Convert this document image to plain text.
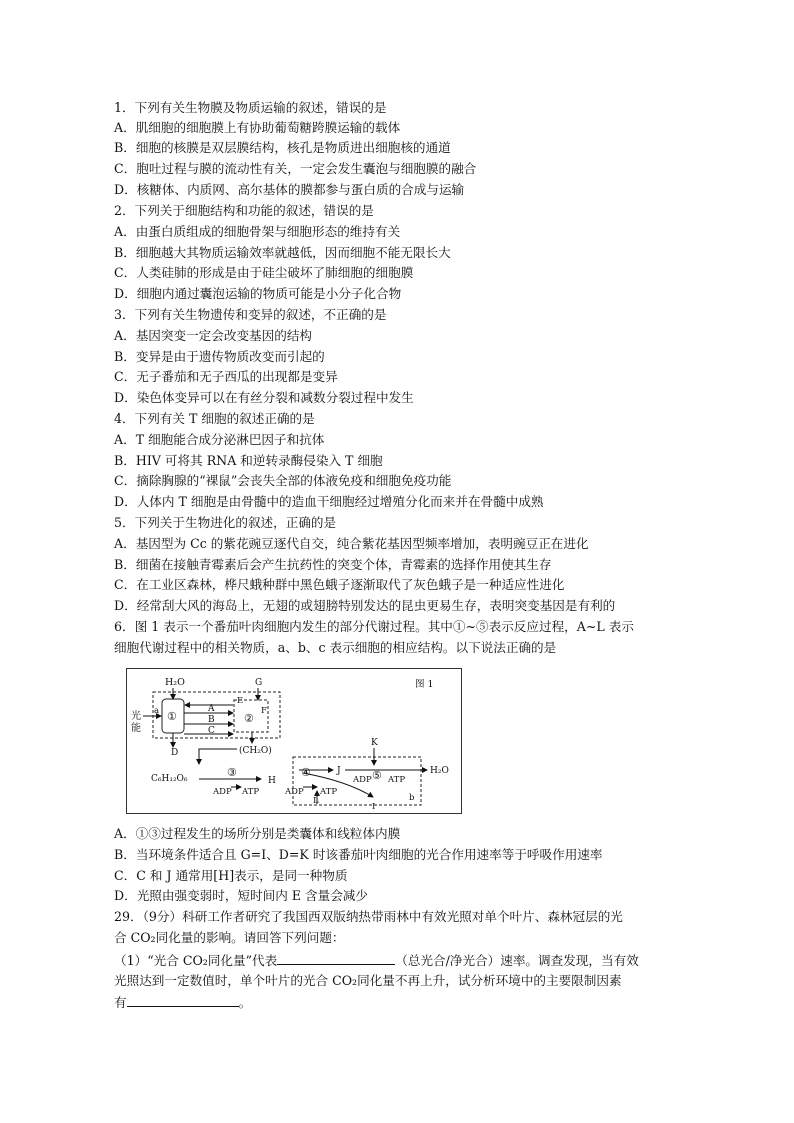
1．下列有关生物膜及物质运输的叙述，错误的是
A．肌细胞的细胞膜上有协助葡萄糖跨膜运输的载体
B．细胞的核膜是双层膜结构，核孔是物质进出细胞核的通道
C．胞吐过程与膜的流动性有关，一定会发生囊泡与细胞膜的融合
D．核糖体、内质网、高尔基体的膜都参与蛋白质的合成与运输
2．下列关于细胞结构和功能的叙述，错误的是
A．由蛋白质组成的细胞骨架与细胞形态的维持有关
B．细胞越大其物质运输效率就越低，因而细胞不能无限长大
C．人类硅肺的形成是由于硅尘破坏了肺细胞的细胞膜
D．细胞内通过囊泡运输的物质可能是小分子化合物
3．下列有关生物遗传和变异的叙述，不正确的是
A．基因突变一定会改变基因的结构
B．变异是由于遗传物质改变而引起的
C．无子番茄和无子西瓜的出现都是变异
D．染色体变异可以在有丝分裂和减数分裂过程中发生
4．下列有关 T 细胞的叙述正确的是
A．T 细胞能合成分泌淋巴因子和抗体
B．HIV 可将其 RNA 和逆转录酶侵染入 T 细胞
C．摘除胸腺的“裸鼠”会丧失全部的体液免疫和细胞免疫功能
D．人体内 T 细胞是由骨髓中的造血干细胞经过增殖分化而来并在骨髓中成熟
5．下列关于生物进化的叙述，正确的是
A．基因型为 Cc 的紫花豌豆逐代自交，纯合紫花基因型频率增加，表明豌豆正在进化
B．细菌在接触青霉素后会产生抗药性的突变个体，青霉素的选择作用使其生存
C．在工业区森林，桦尺蛾种群中黑色蛾子逐渐取代了灰色蛾子是一种适应性进化
D．经常刮大风的海岛上，无翅的或翅膀特别发达的昆虫更易生存，表明突变基因是有利的
6．图 1 表示一个番茄叶肉细胞内发生的部分代谢过程。其中①~⑤表示反应过程，A~L 表示
细胞代谢过程中的相关物质，a、b、c 表示细胞的相应结构。以下说法正确的是
图 1
光
能
a
H₂O
①
A
B
C
D
②
E
F
G
(CH₂O)
C₆H₁₂O₆	③
H
ADP ATP
④	J
ADP ATP
L
I
K
ADP ⑤ ATP
H₂O
b
A．①③过程发生的场所分别是类囊体和线粒体内膜
B．当环境条件适合且 G=I、D=K 时该番茄叶肉细胞的光合作用速率等于呼吸作用速率
C．C 和 J 通常用[H]表示，是同一种物质
D．光照由强变弱时，短时间内 E 含量会减少
29．（9分）科研工作者研究了我国西双版纳热带雨林中有效光照对单个叶片、森林冠层的光
合 CO₂同化量的影响。请回答下列问题：
（1）“光合 CO₂同化量”代表	（总光合/净光合）速率。调查发现，当有效
光照达到一定数值时，单个叶片的光合 CO₂同化量不再上升，试分析环境中的主要限制因素
有	。
